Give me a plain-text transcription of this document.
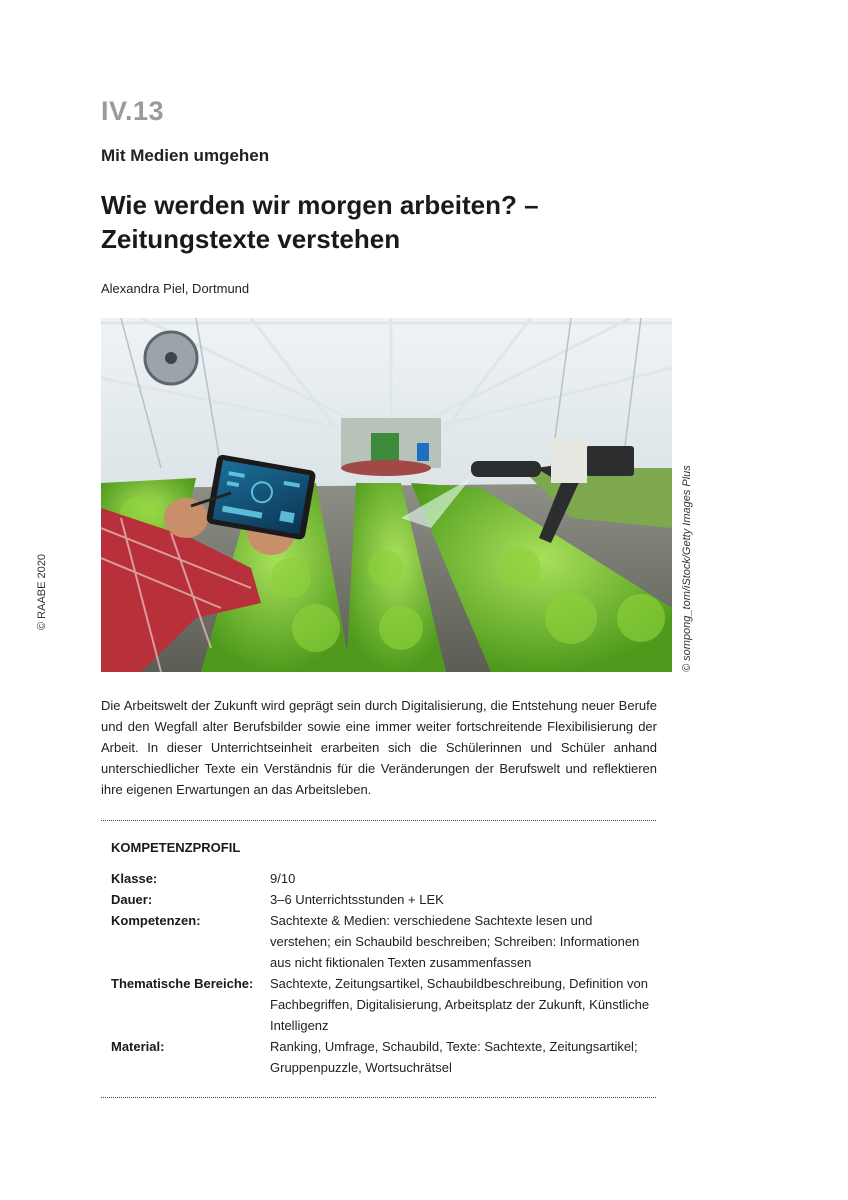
© RAABE 2020
IV.13
Mit Medien umgehen
Wie werden wir morgen arbeiten? –
Zeitungstexte verstehen
Alexandra Piel, Dortmund
© sompong_tom/iStock/Getty Images Plus
Die Arbeitswelt der Zukunft wird geprägt sein durch Digitalisierung, die Entstehung neuer Berufe und den Wegfall alter Berufsbilder sowie eine immer weiter fortschreitende Flexibilisierung der Arbeit. In dieser Unterrichtseinheit erarbeiten sich die Schülerinnen und Schüler anhand unterschiedlicher Texte ein Verständnis für die Veränderungen der Berufswelt und reflektieren ihre eigenen Erwartungen an das Arbeitsleben.
KOMPETENZPROFIL
Klasse:	9/10
Dauer:	3–6 Unterrichtsstunden + LEK
Kompetenzen:	Sachtexte & Medien: verschiedene Sachtexte lesen und verstehen; ein Schaubild beschreiben; Schreiben: Informationen aus nicht fiktionalen Texten zusammenfassen
Thematische Bereiche:	Sachtexte, Zeitungsartikel, Schaubildbeschreibung, Definition von Fachbegriffen, Digitalisierung, Arbeitsplatz der Zukunft, Künstliche Intelligenz
Material:	Ranking, Umfrage, Schaubild, Texte: Sachtexte, Zeitungsartikel; Gruppenpuzzle, Wortsuchrätsel
